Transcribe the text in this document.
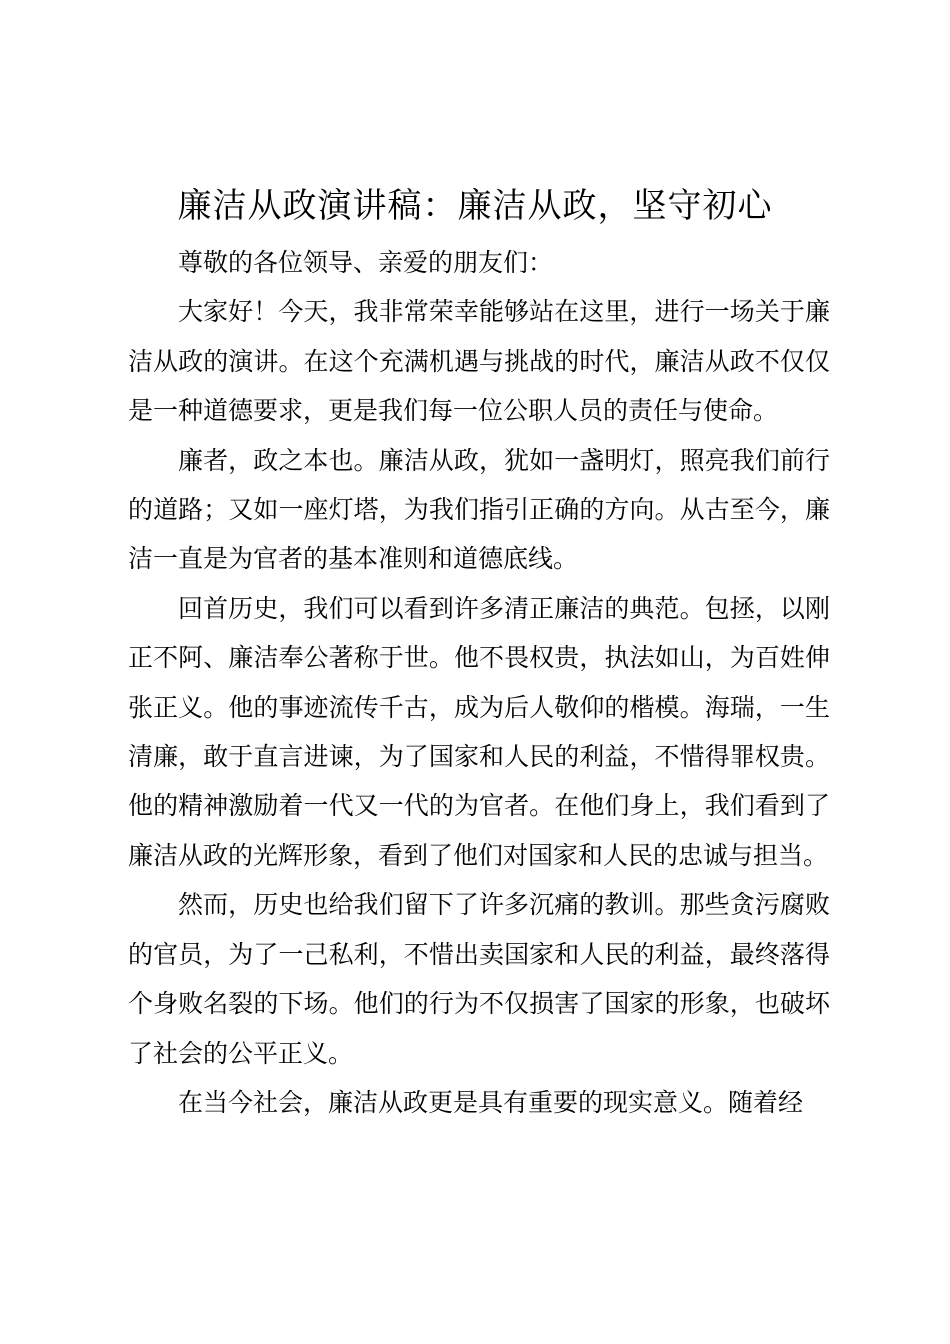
廉洁从政演讲稿：廉洁从政，坚守初心

尊敬的各位领导、亲爱的朋友们：

大家好！今天，我非常荣幸能够站在这里，进行一场关于廉洁从政的演讲。在这个充满机遇与挑战的时代，廉洁从政不仅仅是一种道德要求，更是我们每一位公职人员的责任与使命。

廉者，政之本也。廉洁从政，犹如一盏明灯，照亮我们前行的道路；又如一座灯塔，为我们指引正确的方向。从古至今，廉洁一直是为官者的基本准则和道德底线。

回首历史，我们可以看到许多清正廉洁的典范。包拯，以刚正不阿、廉洁奉公著称于世。他不畏权贵，执法如山，为百姓伸张正义。他的事迹流传千古，成为后人敬仰的楷模。海瑞，一生清廉，敢于直言进谏，为了国家和人民的利益，不惜得罪权贵。他的精神激励着一代又一代的为官者。在他们身上，我们看到了廉洁从政的光辉形象，看到了他们对国家和人民的忠诚与担当。

然而，历史也给我们留下了许多沉痛的教训。那些贪污腐败的官员，为了一己私利，不惜出卖国家和人民的利益，最终落得个身败名裂的下场。他们的行为不仅损害了国家的形象，也破坏了社会的公平正义。

在当今社会，廉洁从政更是具有重要的现实意义。随着经
